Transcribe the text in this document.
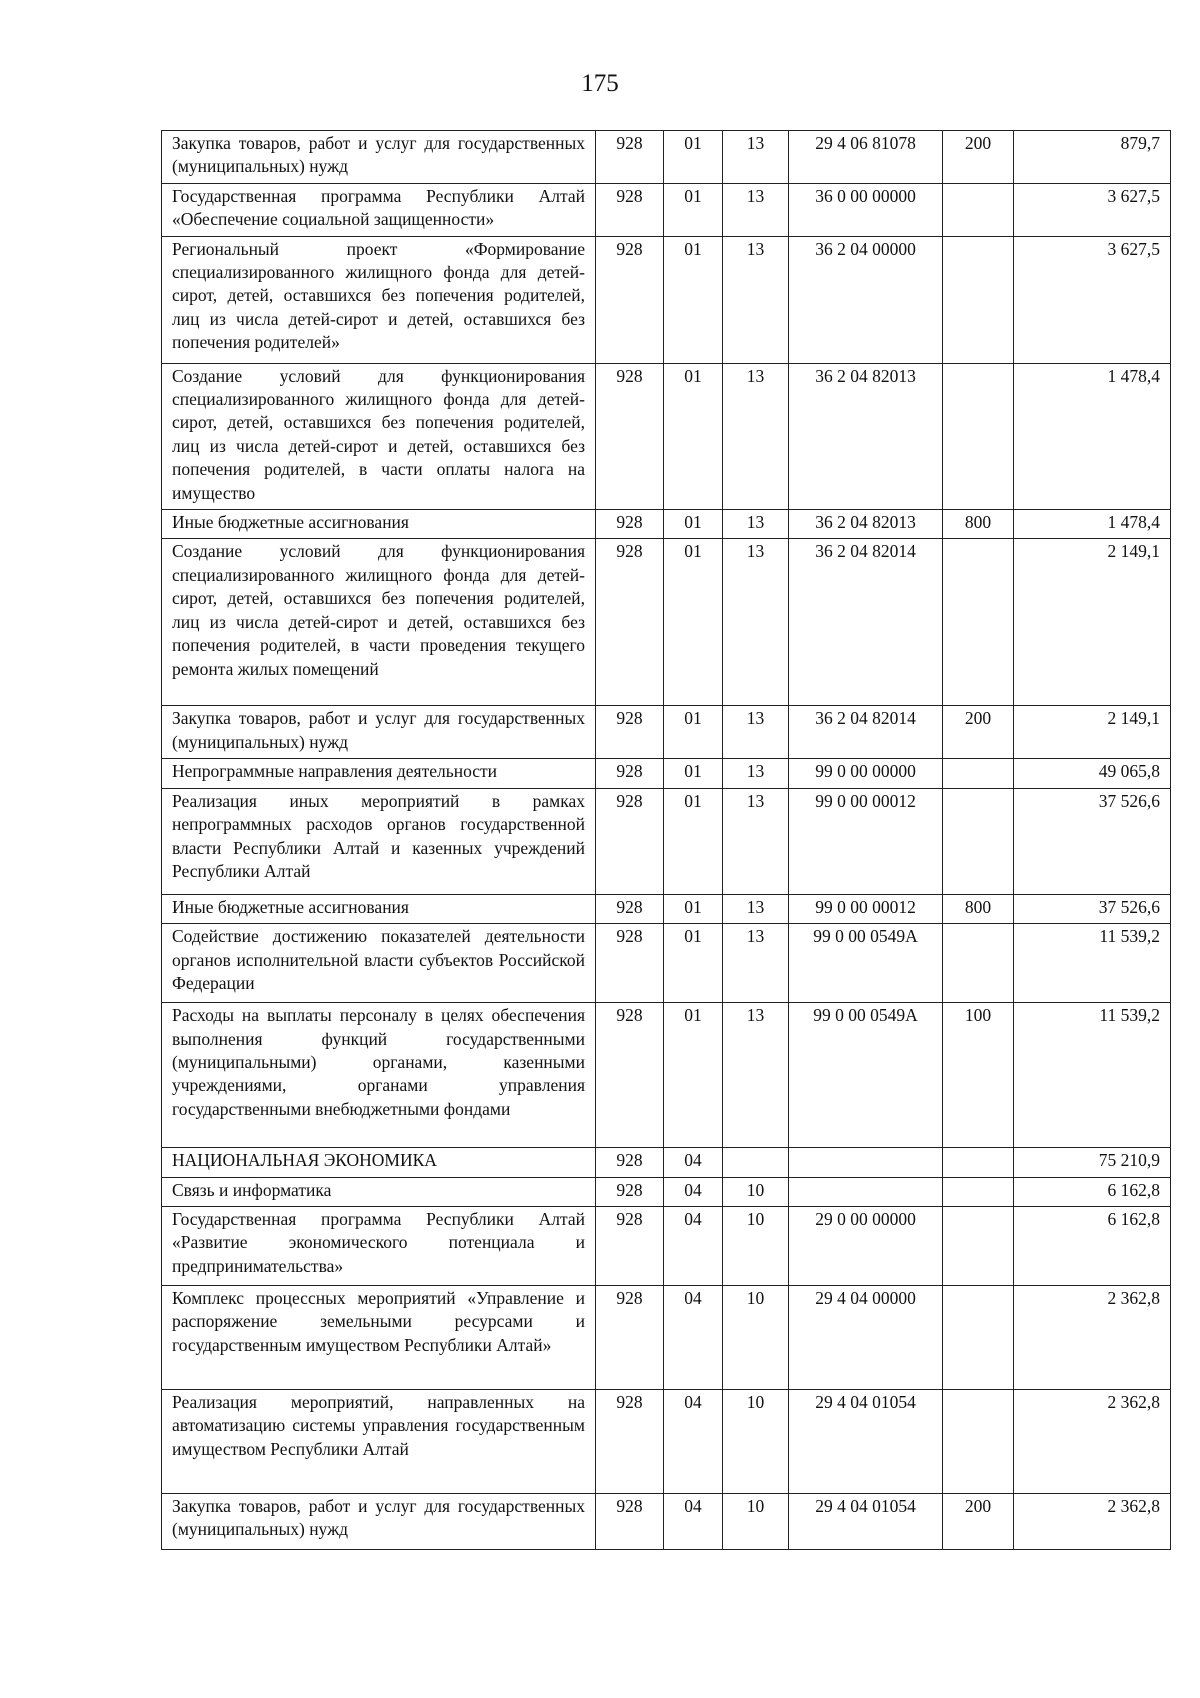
175
Закупка товаров, работ и услуг для государственных (муниципальных) нужд	928	01	13	29 4 06 81078	200	879,7
Государственная программа Республики Алтай «Обеспечение социальной защищенности»	928	01	13	36 0 00 00000		3 627,5
Региональный проект «Формирование специализированного жилищного фонда для детей-сирот, детей, оставшихся без попечения родителей, лиц из числа детей-сирот и детей, оставшихся без попечения родителей»	928	01	13	36 2 04 00000		3 627,5
Создание условий для функционирования специализированного жилищного фонда для детей-сирот, детей, оставшихся без попечения родителей, лиц из числа детей-сирот и детей, оставшихся без попечения родителей, в части оплаты налога на имущество	928	01	13	36 2 04 82013		1 478,4
Иные бюджетные ассигнования	928	01	13	36 2 04 82013	800	1 478,4
Создание условий для функционирования специализированного жилищного фонда для детей-сирот, детей, оставшихся без попечения родителей, лиц из числа детей-сирот и детей, оставшихся без попечения родителей, в части проведения текущего ремонта жилых помещений	928	01	13	36 2 04 82014		2 149,1
Закупка товаров, работ и услуг для государственных (муниципальных) нужд	928	01	13	36 2 04 82014	200	2 149,1
Непрограммные направления деятельности	928	01	13	99 0 00 00000		49 065,8
Реализация иных мероприятий в рамках непрограммных расходов органов государственной власти Республики Алтай и казенных учреждений Республики Алтай	928	01	13	99 0 00 00012		37 526,6
Иные бюджетные ассигнования	928	01	13	99 0 00 00012	800	37 526,6
Содействие достижению показателей деятельности органов исполнительной власти субъектов Российской Федерации	928	01	13	99 0 00 0549А		11 539,2
Расходы на выплаты персоналу в целях обеспечения выполнения функций государственными (муниципальными) органами, казенными учреждениями, органами управления государственными внебюджетными фондами	928	01	13	99 0 00 0549А	100	11 539,2
НАЦИОНАЛЬНАЯ ЭКОНОМИКА	928	04				75 210,9
Связь и информатика	928	04	10			6 162,8
Государственная программа Республики Алтай «Развитие экономического потенциала и предпринимательства»	928	04	10	29 0 00 00000		6 162,8
Комплекс процессных мероприятий «Управление и распоряжение земельными ресурсами и государственным имуществом Республики Алтай»	928	04	10	29 4 04 00000		2 362,8
Реализация мероприятий, направленных на автоматизацию системы управления государственным имуществом Республики Алтай	928	04	10	29 4 04 01054		2 362,8
Закупка товаров, работ и услуг для государственных (муниципальных) нужд	928	04	10	29 4 04 01054	200	2 362,8
